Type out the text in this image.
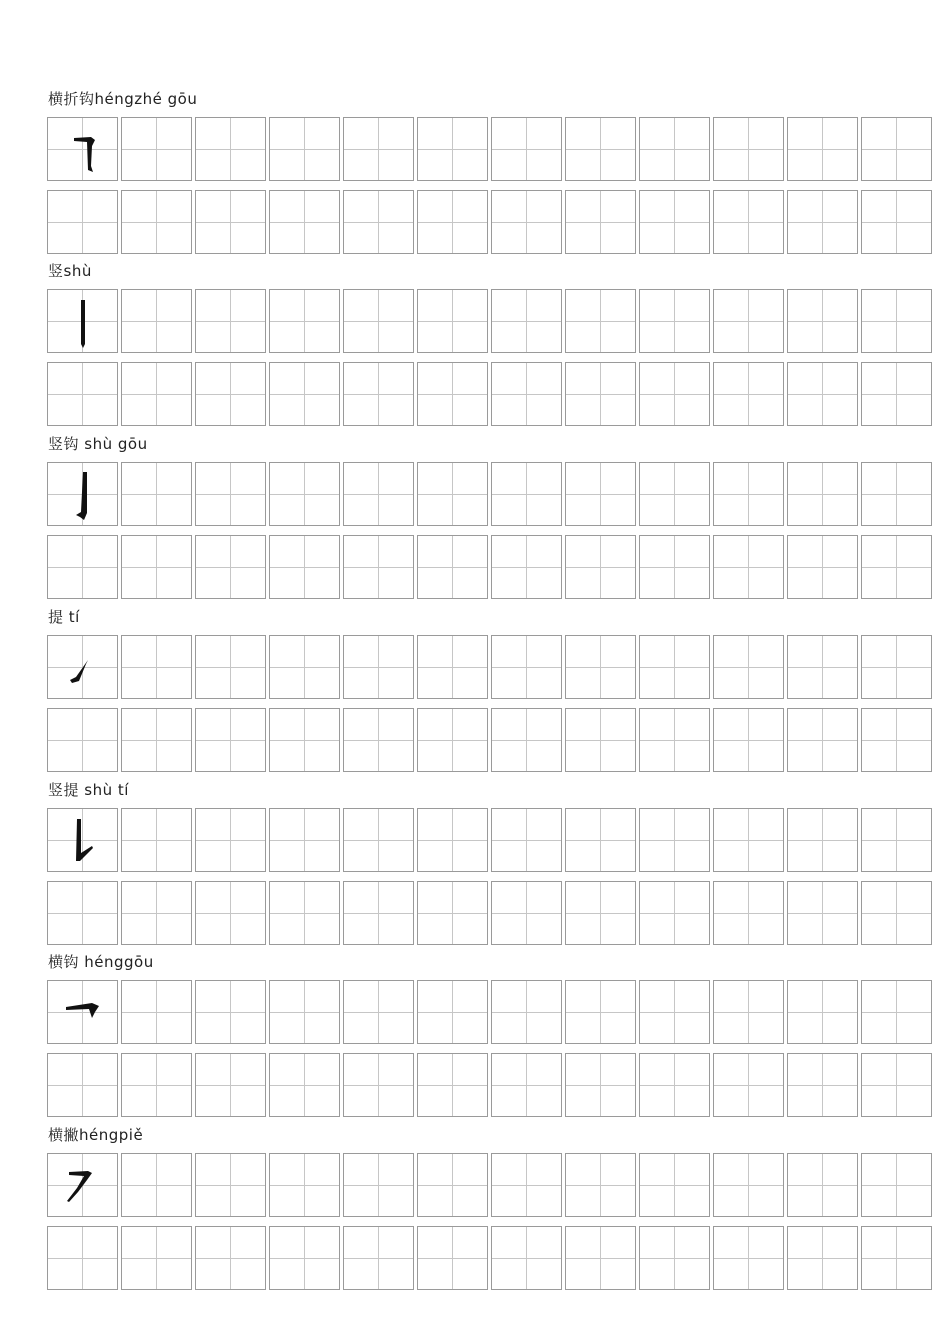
横折钩héngzhé gōu
竖shù
竖钩 shù gōu
提 tí
竖提 shù tí
横钩 hénggōu
横撇héngpiě
